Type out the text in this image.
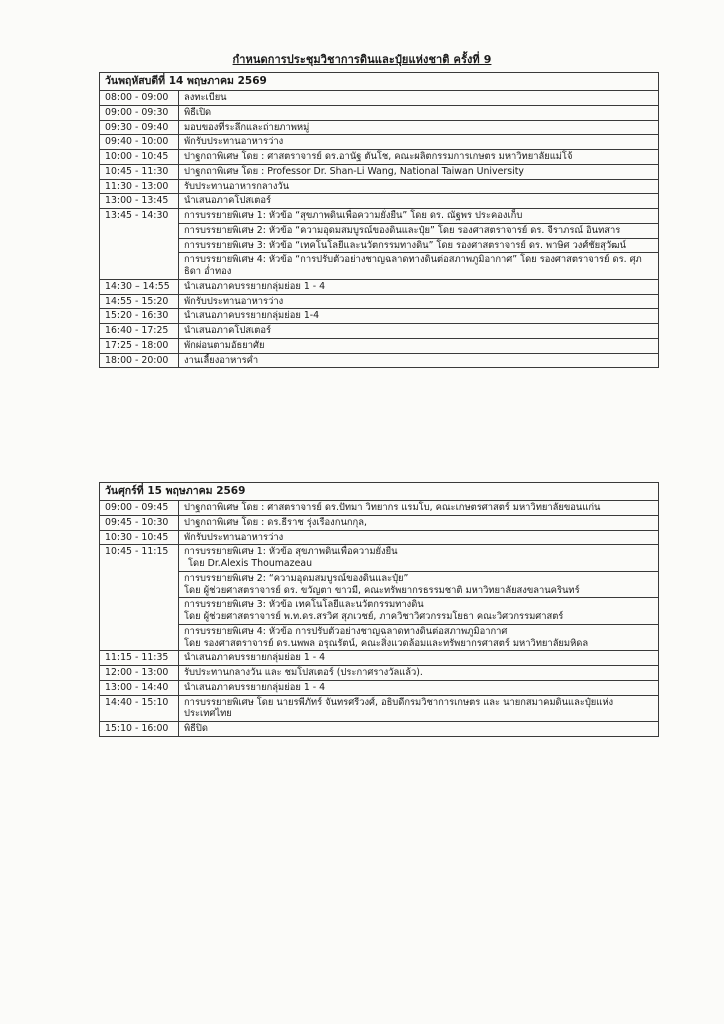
กำหนดการประชุมวิชาการดินและปุ๋ยแห่งชาติ ครั้งที่ 9
วันพฤหัสบดีที่ 14 พฤษภาคม 2569	
08:00 - 09:00	ลงทะเบียน
09:00 - 09:30	พิธีเปิด
09:30 - 09:40	มอบของที่ระลึกและถ่ายภาพหมู่
09:40 - 10:00	พักรับประทานอาหารว่าง
10:00 - 10:45	ปาฐกถาพิเศษ โดย : ศาสตราจารย์ ดร.อานัฐ ตันโช, คณะผลิตกรรมการเกษตร มหาวิทยาลัยแม่โจ้
10:45 - 11:30	ปาฐกถาพิเศษ โดย : Professor Dr. Shan-Li Wang, National Taiwan University
11:30 - 13:00	รับประทานอาหารกลางวัน
13:00 - 13:45	นำเสนอภาคโปสเตอร์
13:45 - 14:30	การบรรยายพิเศษ 1: หัวข้อ “สุขภาพดินเพื่อความยั่งยืน” โดย ดร. ณัฐพร ประคองเก็บ
	การบรรยายพิเศษ 2: หัวข้อ “ความอุดมสมบูรณ์ของดินและปุ๋ย” โดย รองศาสตราจารย์ ดร. จีราภรณ์ อินทสาร
	การบรรยายพิเศษ 3: หัวข้อ “เทคโนโลยีและนวัตกรรมทางดิน” โดย รองศาสตราจารย์ ดร. พาษิศ วงศ์ชัยสุวัฒน์
	การบรรยายพิเศษ 4: หัวข้อ “การปรับตัวอย่างชาญฉลาดทางดินต่อสภาพภูมิอากาศ” โดย รองศาสตราจารย์ ดร. ศุภธิดา อ่ำทอง
14:30 – 14:55	นำเสนอภาคบรรยายกลุ่มย่อย 1 - 4
14:55 - 15:20	พักรับประทานอาหารว่าง
15:20 - 16:30	นำเสนอภาคบรรยายกลุ่มย่อย 1-4
16:40 - 17:25	นำเสนอภาคโปสเตอร์
17:25 - 18:00	พักผ่อนตามอัธยาศัย
18:00 - 20:00	งานเลี้ยงอาหารค่ำ
วันศุกร์ที่ 15 พฤษภาคม 2569	
09:00 - 09:45	ปาฐกถาพิเศษ โดย : ศาสตราจารย์ ดร.ปัทมา วิทยากร แรมโบ, คณะเกษตรศาสตร์ มหาวิทยาลัยขอนแก่น
09:45 - 10:30	ปาฐกถาพิเศษ โดย : ดร.ธีราช รุ่งเรืองกนกกุล,
10:30 - 10:45	พักรับประทานอาหารว่าง
10:45 - 11:15	การบรรยายพิเศษ 1: หัวข้อ สุขภาพดินเพื่อความยั่งยืน
โดย Dr.Alexis Thoumazeau

	การบรรยายพิเศษ 2: “ความอุดมสมบูรณ์ของดินและปุ๋ย”
โดย ผู้ช่วยศาสตราจารย์ ดร. ขวัญตา ขาวมี, คณะทรัพยากรธรรมชาติ มหาวิทยาลัยสงขลานครินทร์

	การบรรยายพิเศษ 3: หัวข้อ เทคโนโลยีและนวัตกรรมทางดิน
โดย ผู้ช่วยศาสตราจารย์ พ.ท.ดร.สรวิศ สุภเวชย์, ภาควิชาวิศวกรรมโยธา คณะวิศวกรรมศาสตร์

	การบรรยายพิเศษ 4: หัวข้อ การปรับตัวอย่างชาญฉลาดทางดินต่อสภาพภูมิอากาศ
โดย รองศาสตราจารย์ ดร.นพพล อรุณรัตน์, คณะสิ่งแวดล้อมและทรัพยากรศาสตร์ มหาวิทยาลัยมหิดล

11:15 - 11:35	นำเสนอภาคบรรยายกลุ่มย่อย 1 - 4
12:00 - 13:00	รับประทานกลางวัน และ ชมโปสเตอร์ (ประกาศรางวัลแล้ว).
13:00 - 14:40	นำเสนอภาคบรรยายกลุ่มย่อย 1 - 4
14:40 - 15:10	การบรรยายพิเศษ โดย นายรพีภัทร์ จันทรศรีวงศ์, อธิบดีกรมวิชาการเกษตร และ นายกสมาคมดินและปุ๋ยแห่งประเทศไทย
15:10 - 16:00	พิธีปิด
